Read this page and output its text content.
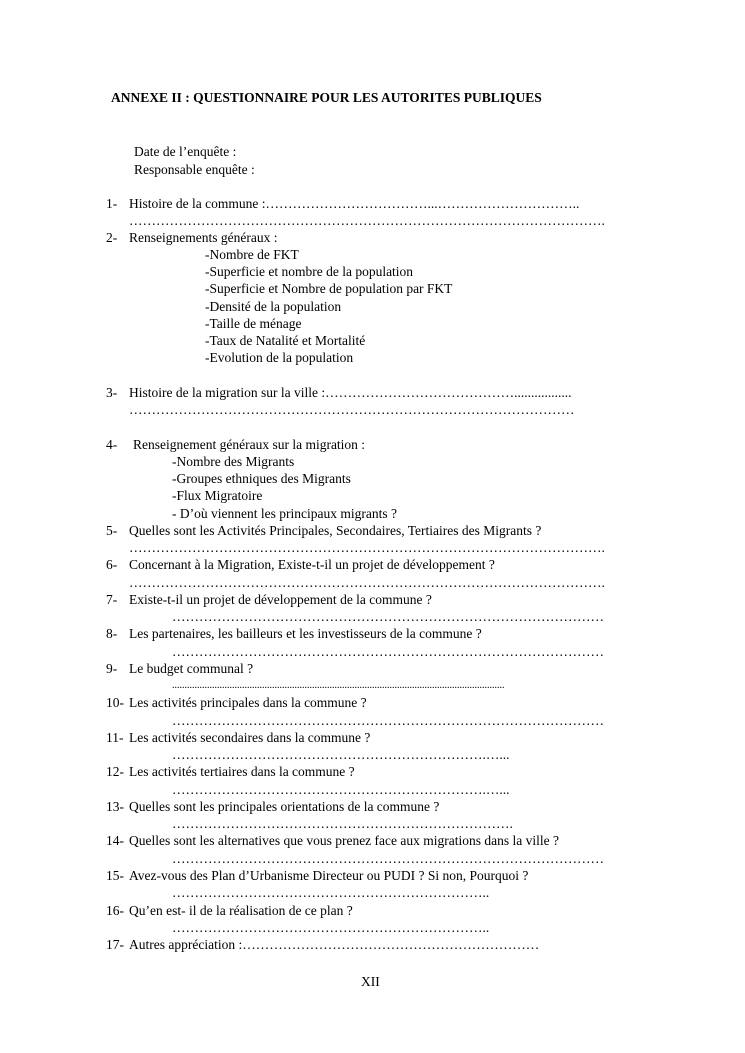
ANNEXE II : QUESTIONNAIRE POUR LES AUTORITES PUBLIQUES
Date de l’enquête :
Responsable enquête :
1- Histoire de la commune :………………………………...…………………………..
…………………………………………………………………………………………….
2- Renseignements généraux :
-Nombre de FKT
-Superficie et nombre de la population
-Superficie et Nombre de population par FKT
-Densité de la population
-Taille de ménage
-Taux de Natalité et Mortalité
-Evolution de la population
3- Histoire de la migration sur la ville :…………………………………….................
………………………………………………………………………………………
4- Renseignement généraux sur la migration :
-Nombre des Migrants
-Groupes ethniques des Migrants
-Flux Migratoire
- D’où viennent les principaux migrants ?
5- Quelles sont les Activités Principales, Secondaires, Tertiaires des Migrants ?
…………………………………………………………………………………………….
6- Concernant à la Migration, Existe-t-il un projet de développement ?
…………………………………………………………………………………………….
7- Existe-t-il un projet de développement de la commune ?
……………………………………………………………………………………
8- Les partenaires, les bailleurs et les investisseurs de la commune ?
……………………………………………………………………………………
9- Le budget communal ?
.....................................................................................................................................
10- Les activités principales dans la commune ?
……………………………………………………………………………………
11- Les activités secondaires dans la commune ?
…………………………………………………………….…...
12- Les activités tertiaires dans la commune ?
…………………………………………………………….…...
13- Quelles sont les principales orientations de la commune ?
………………………………………………………………….
14- Quelles sont les alternatives que vous prenez face aux migrations dans la ville ?
……………………………………………………………………………………
15- Avez-vous des Plan d’Urbanisme Directeur ou PUDI ? Si non, Pourquoi ?
……………………………………………………………..
16- Qu’en est- il de la réalisation de ce plan ?
……………………………………………………………..
17- Autres appréciation :…………………………………………………………
XII
